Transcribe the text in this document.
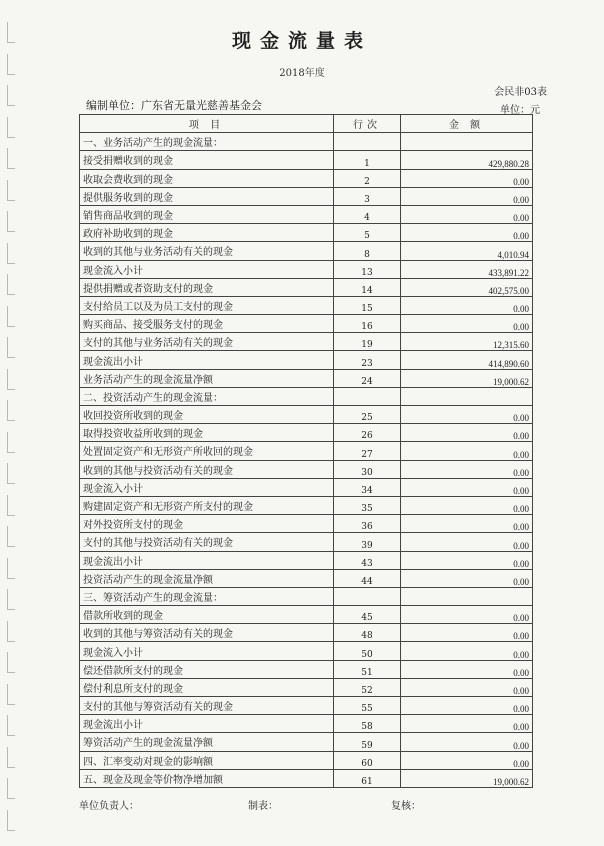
现金流量表
2018年度
会民非03表
编制单位：广东省无量光慈善基金会	单位：元
项 目	行次	金 额
一、业务活动产生的现金流量：		
接受捐赠收到的现金	1	429,880.28
收取会费收到的现金	2	0.00
提供服务收到的现金	3	0.00
销售商品收到的现金	4	0.00
政府补助收到的现金	5	0.00
收到的其他与业务活动有关的现金	8	4,010.94
现金流入小计	13	433,891.22
提供捐赠或者资助支付的现金	14	402,575.00
支付给员工以及为员工支付的现金	15	0.00
购买商品、接受服务支付的现金	16	0.00
支付的其他与业务活动有关的现金	19	12,315.60
现金流出小计	23	414,890.60
业务活动产生的现金流量净额	24	19,000.62
二、投资活动产生的现金流量：		
收回投资所收到的现金	25	0.00
取得投资收益所收到的现金	26	0.00
处置固定资产和无形资产所收回的现金	27	0.00
收到的其他与投资活动有关的现金	30	0.00
现金流入小计	34	0.00
购建固定资产和无形资产所支付的现金	35	0.00
对外投资所支付的现金	36	0.00
支付的其他与投资活动有关的现金	39	0.00
现金流出小计	43	0.00
投资活动产生的现金流量净额	44	0.00
三、筹资活动产生的现金流量：		
借款所收到的现金	45	0.00
收到的其他与筹资活动有关的现金	48	0.00
现金流入小计	50	0.00
偿还借款所支付的现金	51	0.00
偿付利息所支付的现金	52	0.00
支付的其他与筹资活动有关的现金	55	0.00
现金流出小计	58	0.00
筹资活动产生的现金流量净额	59	0.00
四、汇率变动对现金的影响额	60	0.00
五、现金及现金等价物净增加额	61	19,000.62
单位负责人：	制表：	复核：
